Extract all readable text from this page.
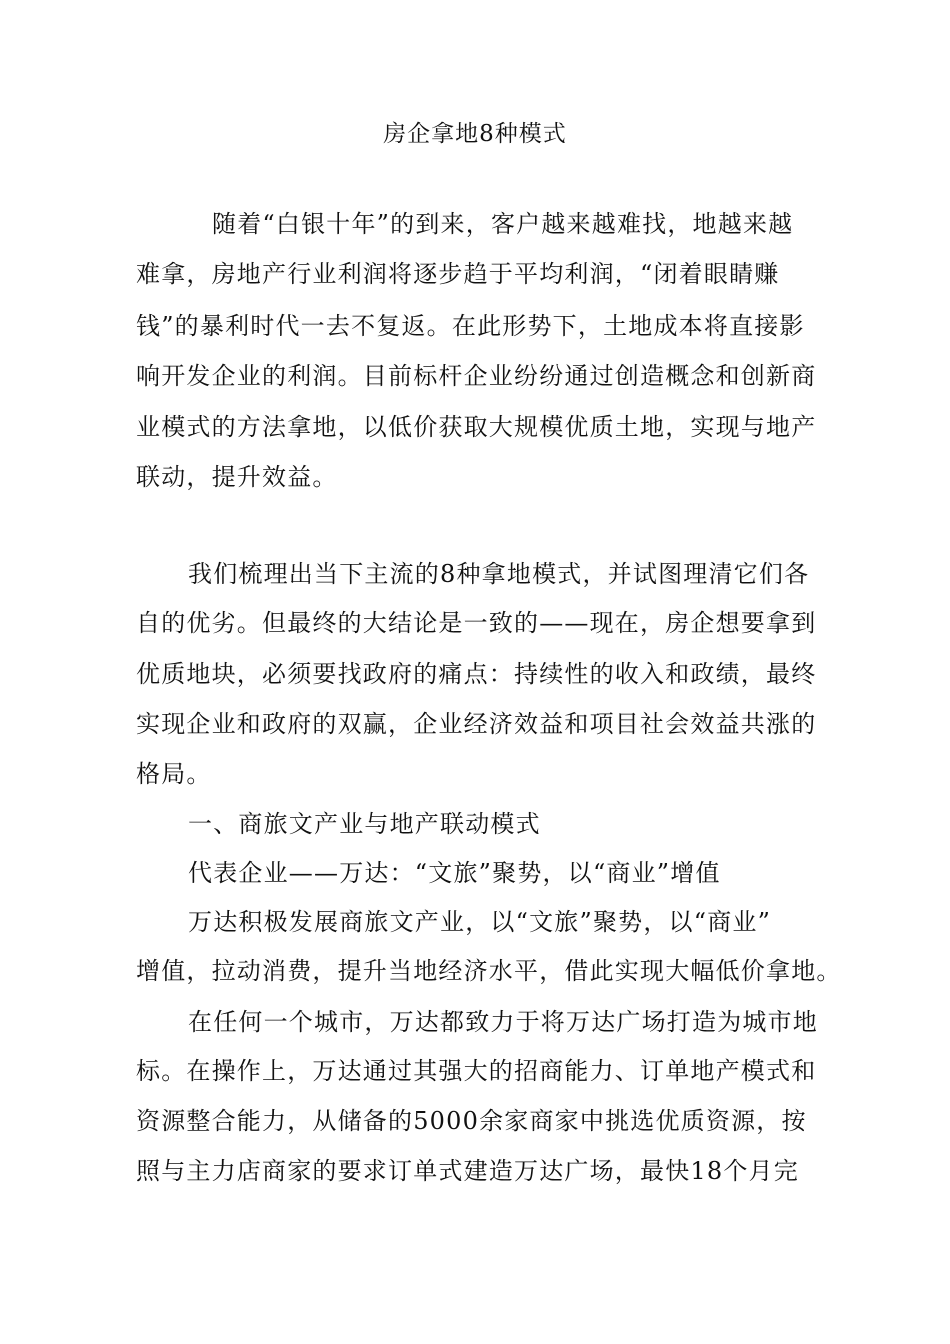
房企拿地8种模式
随着“白银十年”的到来，客户越来越难找，地越来越
难拿，房地产行业利润将逐步趋于平均利润，“闭着眼睛赚
钱”的暴利时代一去不复返。在此形势下，土地成本将直接影
响开发企业的利润。目前标杆企业纷纷通过创造概念和创新商
业模式的方法拿地，以低价获取大规模优质土地，实现与地产
联动，提升效益。
我们梳理出当下主流的8种拿地模式，并试图理清它们各
自的优劣。但最终的大结论是一致的——现在，房企想要拿到
优质地块，必须要找政府的痛点：持续性的收入和政绩，最终
实现企业和政府的双赢，企业经济效益和项目社会效益共涨的
格局。
一、商旅文产业与地产联动模式
代表企业——万达：“文旅”聚势，以“商业”增值
万达积极发展商旅文产业，以“文旅”聚势，以“商业”
增值，拉动消费，提升当地经济水平，借此实现大幅低价拿地。
在任何一个城市，万达都致力于将万达广场打造为城市地
标。在操作上，万达通过其强大的招商能力、订单地产模式和
资源整合能力，从储备的5000余家商家中挑选优质资源，按
照与主力店商家的要求订单式建造万达广场，最快18个月完
